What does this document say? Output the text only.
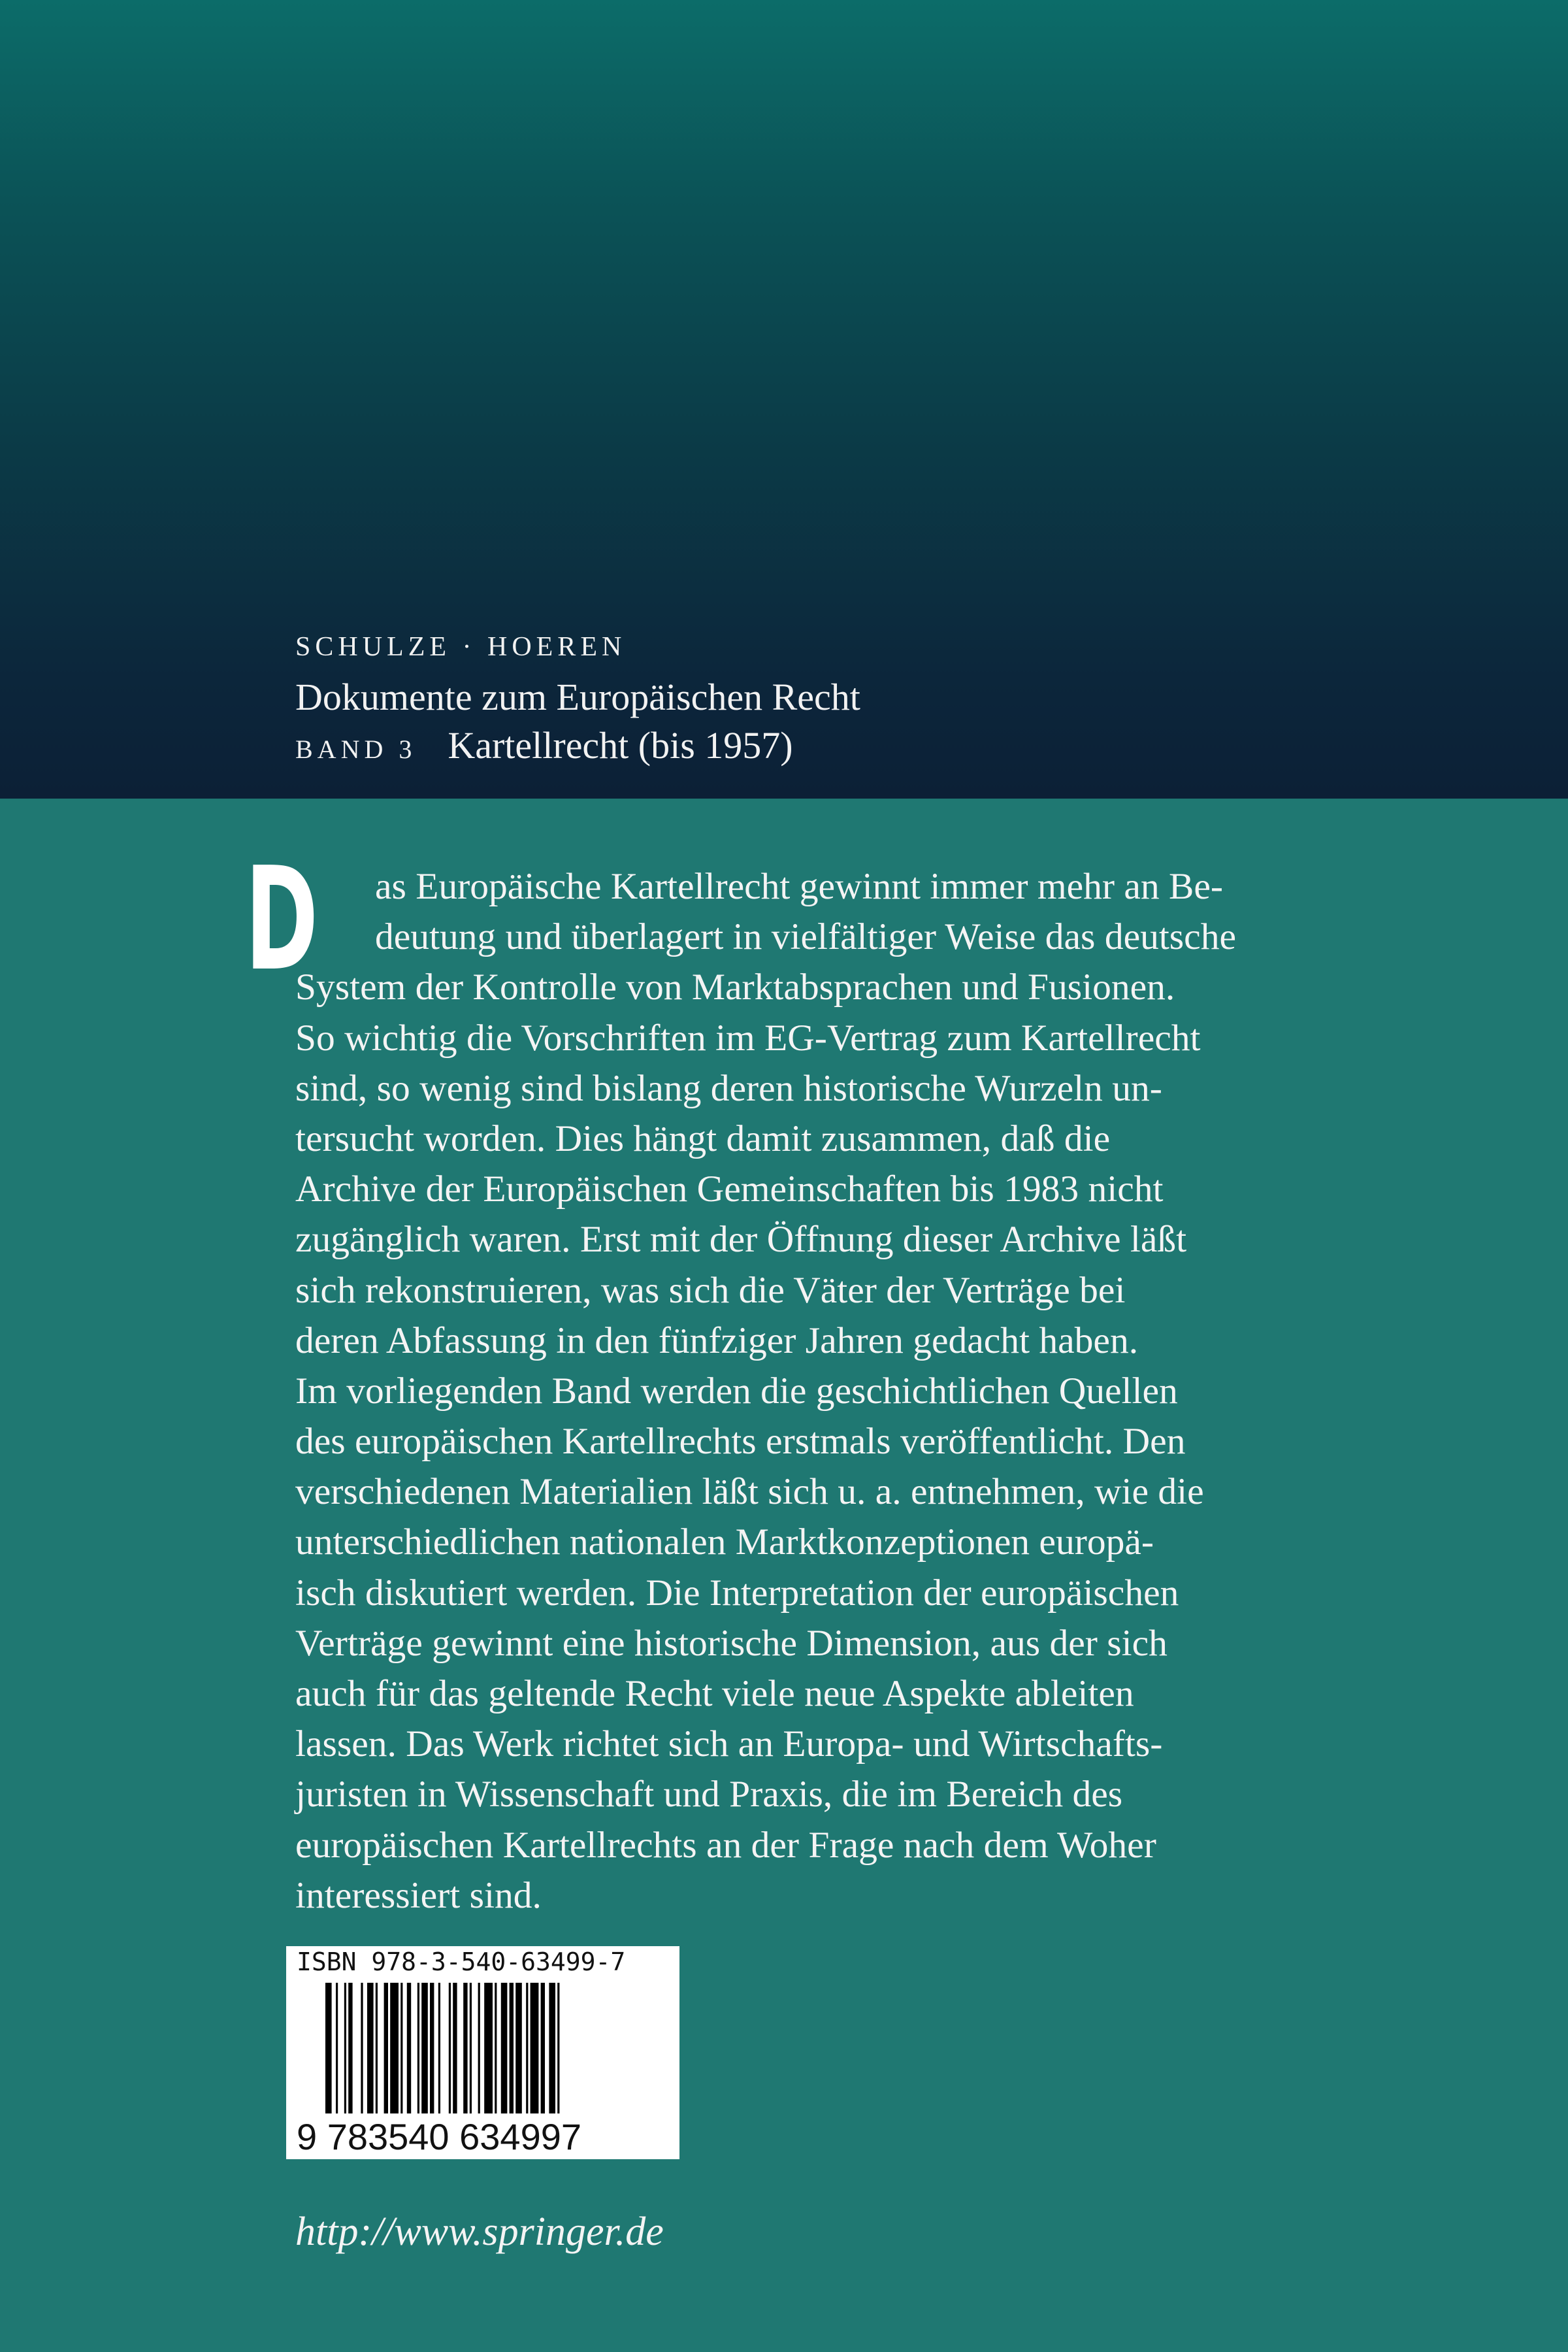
SCHULZE · HOEREN
Dokumente zum Europäischen Recht
BAND 3 Kartellrecht (bis 1957)
D	as Europäische Kartellrecht gewinnt immer mehr an Be-
deutung und überlagert in vielfältiger Weise das deutsche
System der Kontrolle von Marktabsprachen und Fusionen.
So wichtig die Vorschriften im EG-Vertrag zum Kartellrecht
sind, so wenig sind bislang deren historische Wurzeln un-
tersucht worden. Dies hängt damit zusammen, daß die
Archive der Europäischen Gemeinschaften bis 1983 nicht
zugänglich waren. Erst mit der Öffnung dieser Archive läßt
sich rekonstruieren, was sich die Väter der Verträge bei
deren Abfassung in den fünfziger Jahren gedacht haben.
Im vorliegenden Band werden die geschichtlichen Quellen
des europäischen Kartellrechts erstmals veröffentlicht. Den
verschiedenen Materialien läßt sich u. a. entnehmen, wie die
unterschiedlichen nationalen Marktkonzeptionen europä-
isch diskutiert werden. Die Interpretation der europäischen
Verträge gewinnt eine historische Dimension, aus der sich
auch für das geltende Recht viele neue Aspekte ableiten
lassen. Das Werk richtet sich an Europa- und Wirtschafts-
juristen in Wissenschaft und Praxis, die im Bereich des
europäischen Kartellrechts an der Frage nach dem Woher
interessiert sind.
ISBN 978-3-540-63499-7
9 783540 634997
http://www.springer.de
